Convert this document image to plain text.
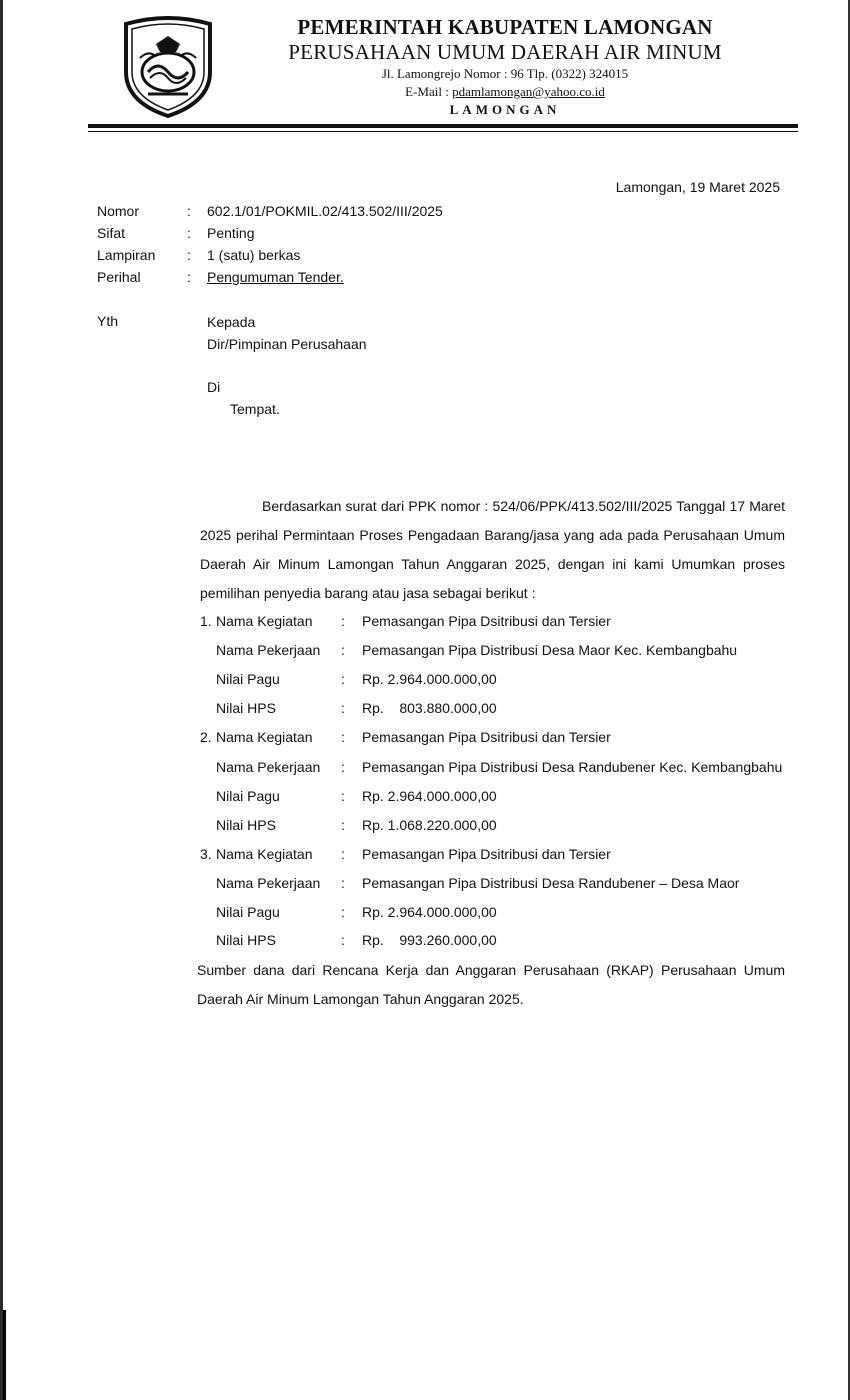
PEMERINTAH KABUPATEN LAMONGAN
PERUSAHAAN UMUM DAERAH AIR MINUM
Jl. Lamongrejo Nomor : 96 Tlp. (0322) 324015
E-Mail : pdamlamongan@yahoo.co.id
LAMONGAN
Lamongan, 19 Maret 2025
Nomor	: 602.1/01/POKMIL.02/413.502/III/2025
Sifat	: Penting
Lampiran : 1 (satu) berkas
Perihal	: Pengumuman Tender.
Yth	Kepada
Dir/Pimpinan Perusahaan
Di
Tempat.
Berdasarkan surat dari PPK nomor : 524/06/PPK/413.502/III/2025 Tanggal 17 Maret 2025 perihal Permintaan Proses Pengadaan Barang/jasa yang ada pada Perusahaan Umum Daerah Air Minum Lamongan Tahun Anggaran 2025, dengan ini kami Umumkan proses pemilihan penyedia barang atau jasa sebagai berikut :
1. Nama Kegiatan : Pemasangan Pipa Dsitribusi dan Tersier
Nama Pekerjaan : Pemasangan Pipa Distribusi Desa Maor Kec. Kembangbahu
Nilai Pagu	: Rp. 2.964.000.000,00
Nilai HPS	: Rp.    803.880.000,00
2. Nama Kegiatan : Pemasangan Pipa Dsitribusi dan Tersier
Nama Pekerjaan : Pemasangan Pipa Distribusi Desa Randubener Kec. Kembangbahu
Nilai Pagu	: Rp. 2.964.000.000,00
Nilai HPS	: Rp. 1.068.220.000,00
3. Nama Kegiatan : Pemasangan Pipa Dsitribusi dan Tersier
Nama Pekerjaan : Pemasangan Pipa Distribusi Desa Randubener – Desa Maor
Nilai Pagu	: Rp. 2.964.000.000,00
Nilai HPS	: Rp.    993.260.000,00
Sumber dana dari Rencana Kerja dan Anggaran Perusahaan (RKAP) Perusahaan Umum Daerah Air Minum Lamongan Tahun Anggaran 2025.
